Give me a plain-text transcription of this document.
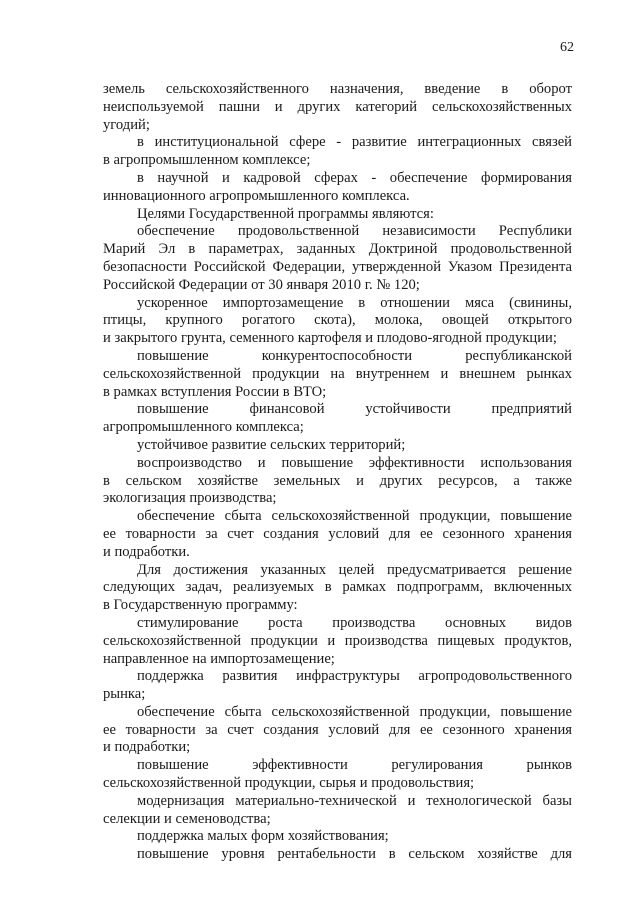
62
земель сельскохозяйственного назначения, введение в оборот
неиспользуемой пашни и других категорий сельскохозяйственных
угодий;
в институциональной сфере - развитие интеграционных связей
в агропромышленном комплексе;
в научной и кадровой сферах - обеспечение формирования
инновационного агропромышленного комплекса.
Целями Государственной программы являются:
обеспечение продовольственной независимости Республики
Марий Эл в параметрах, заданных Доктриной продовольственной
безопасности Российской Федерации, утвержденной Указом Президента
Российской Федерации от 30 января 2010 г. № 120;
ускоренное импортозамещение в отношении мяса (свинины,
птицы, крупного рогатого скота), молока, овощей открытого
и закрытого грунта, семенного картофеля и плодово-ягодной продукции;
повышение конкурентоспособности республиканской
сельскохозяйственной продукции на внутреннем и внешнем рынках
в рамках вступления России в ВТО;
повышение финансовой устойчивости предприятий
агропромышленного комплекса;
устойчивое развитие сельских территорий;
воспроизводство и повышение эффективности использования
в сельском хозяйстве земельных и других ресурсов, а также
экологизация производства;
обеспечение сбыта сельскохозяйственной продукции, повышение
ее товарности за счет создания условий для ее сезонного хранения
и подработки.
Для достижения указанных целей предусматривается решение
следующих задач, реализуемых в рамках подпрограмм, включенных
в Государственную программу:
стимулирование роста производства основных видов
сельскохозяйственной продукции и производства пищевых продуктов,
направленное на импортозамещение;
поддержка развития инфраструктуры агропродовольственного
рынка;
обеспечение сбыта сельскохозяйственной продукции, повышение
ее товарности за счет создания условий для ее сезонного хранения
и подработки;
повышение эффективности регулирования рынков
сельскохозяйственной продукции, сырья и продовольствия;
модернизация материально-технической и технологической базы
селекции и семеноводства;
поддержка малых форм хозяйствования;
повышение уровня рентабельности в сельском хозяйстве для
